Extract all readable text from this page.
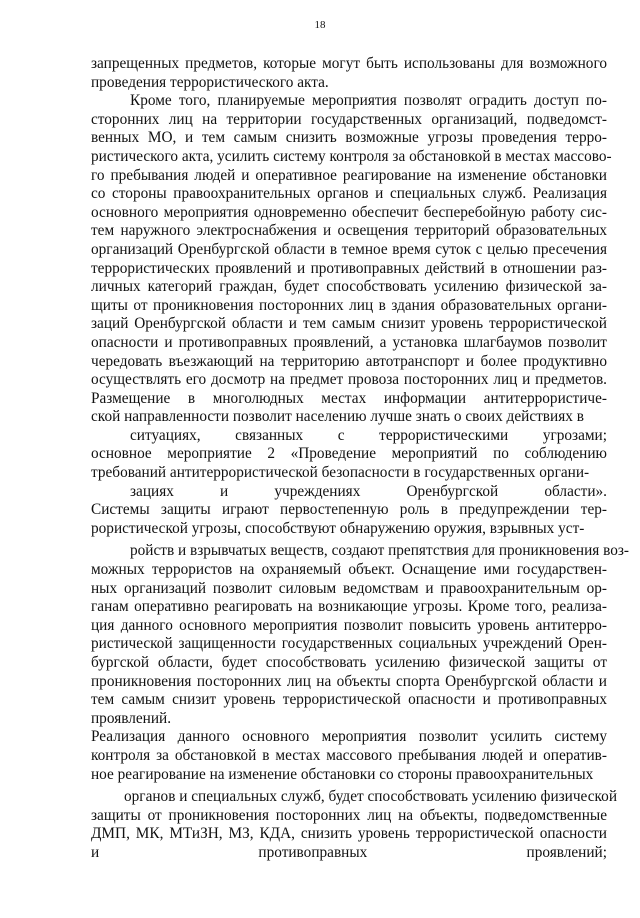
18
запрещенных предметов, которые могут быть использованы для возможного
проведения террористического акта.
Кроме того, планируемые мероприятия позволят оградить доступ по-
сторонних лиц на территории государственных организаций, подведомст-
венных МО, и тем самым снизить возможные угрозы проведения терро-
ристического акта, усилить систему контроля за обстановкой в местах массово-
го пребывания людей и оперативное реагирование на изменение обстановки
со стороны правоохранительных органов и специальных служб. Реализация
основного мероприятия одновременно обеспечит бесперебойную работу сис-
тем наружного электроснабжения и освещения территорий образовательных
организаций Оренбургской области в темное время суток с целью пресечения
террористических проявлений и противоправных действий в отношении раз-
личных категорий граждан, будет способствовать усилению физической за-
щиты от проникновения посторонних лиц в здания образовательных органи-
заций Оренбургской области и тем самым снизит уровень террористической
опасности и противоправных проявлений, а установка шлагбаумов позволит
чередовать въезжающий на территорию автотранспорт и более продуктивно
осуществлять его досмотр на предмет провоза посторонних лиц и предметов.
Размещение в многолюдных местах информации антитеррористиче-
ской направленности позволит населению лучше знать о своих действиях в
ситуациях, связанных с террористическими угрозами;
основное мероприятие 2 «Проведение мероприятий по соблюдению
требований антитеррористической безопасности в государственных органи-
зациях и учреждениях Оренбургской области».
Системы защиты играют первостепенную роль в предупреждении тер-
рористической угрозы, способствуют обнаружению оружия, взрывных уст-
ройств и взрывчатых веществ, создают препятствия для проникновения воз-
можных террористов на охраняемый объект. Оснащение ими государствен-
ных организаций позволит силовым ведомствам и правоохранительным ор-
ганам оперативно реагировать на возникающие угрозы. Кроме того, реализа-
ция данного основного мероприятия позволит повысить уровень антитерро-
ристической защищенности государственных социальных учреждений Орен-
бургской области, будет способствовать усилению физической защиты от
проникновения посторонних лиц на объекты спорта Оренбургской области и
тем самым снизит уровень террористической опасности и противоправных
проявлений.
Реализация данного основного мероприятия позволит усилить систему
контроля за обстановкой в местах массового пребывания людей и оператив-
ное реагирование на изменение обстановки со стороны правоохранительных
органов и специальных служб, будет способствовать усилению физической
защиты от проникновения посторонних лиц на объекты, подведомственные
ДМП, МК, МТиЗН, МЗ, КДА, снизить уровень террористической опасности
и противоправных проявлений;
